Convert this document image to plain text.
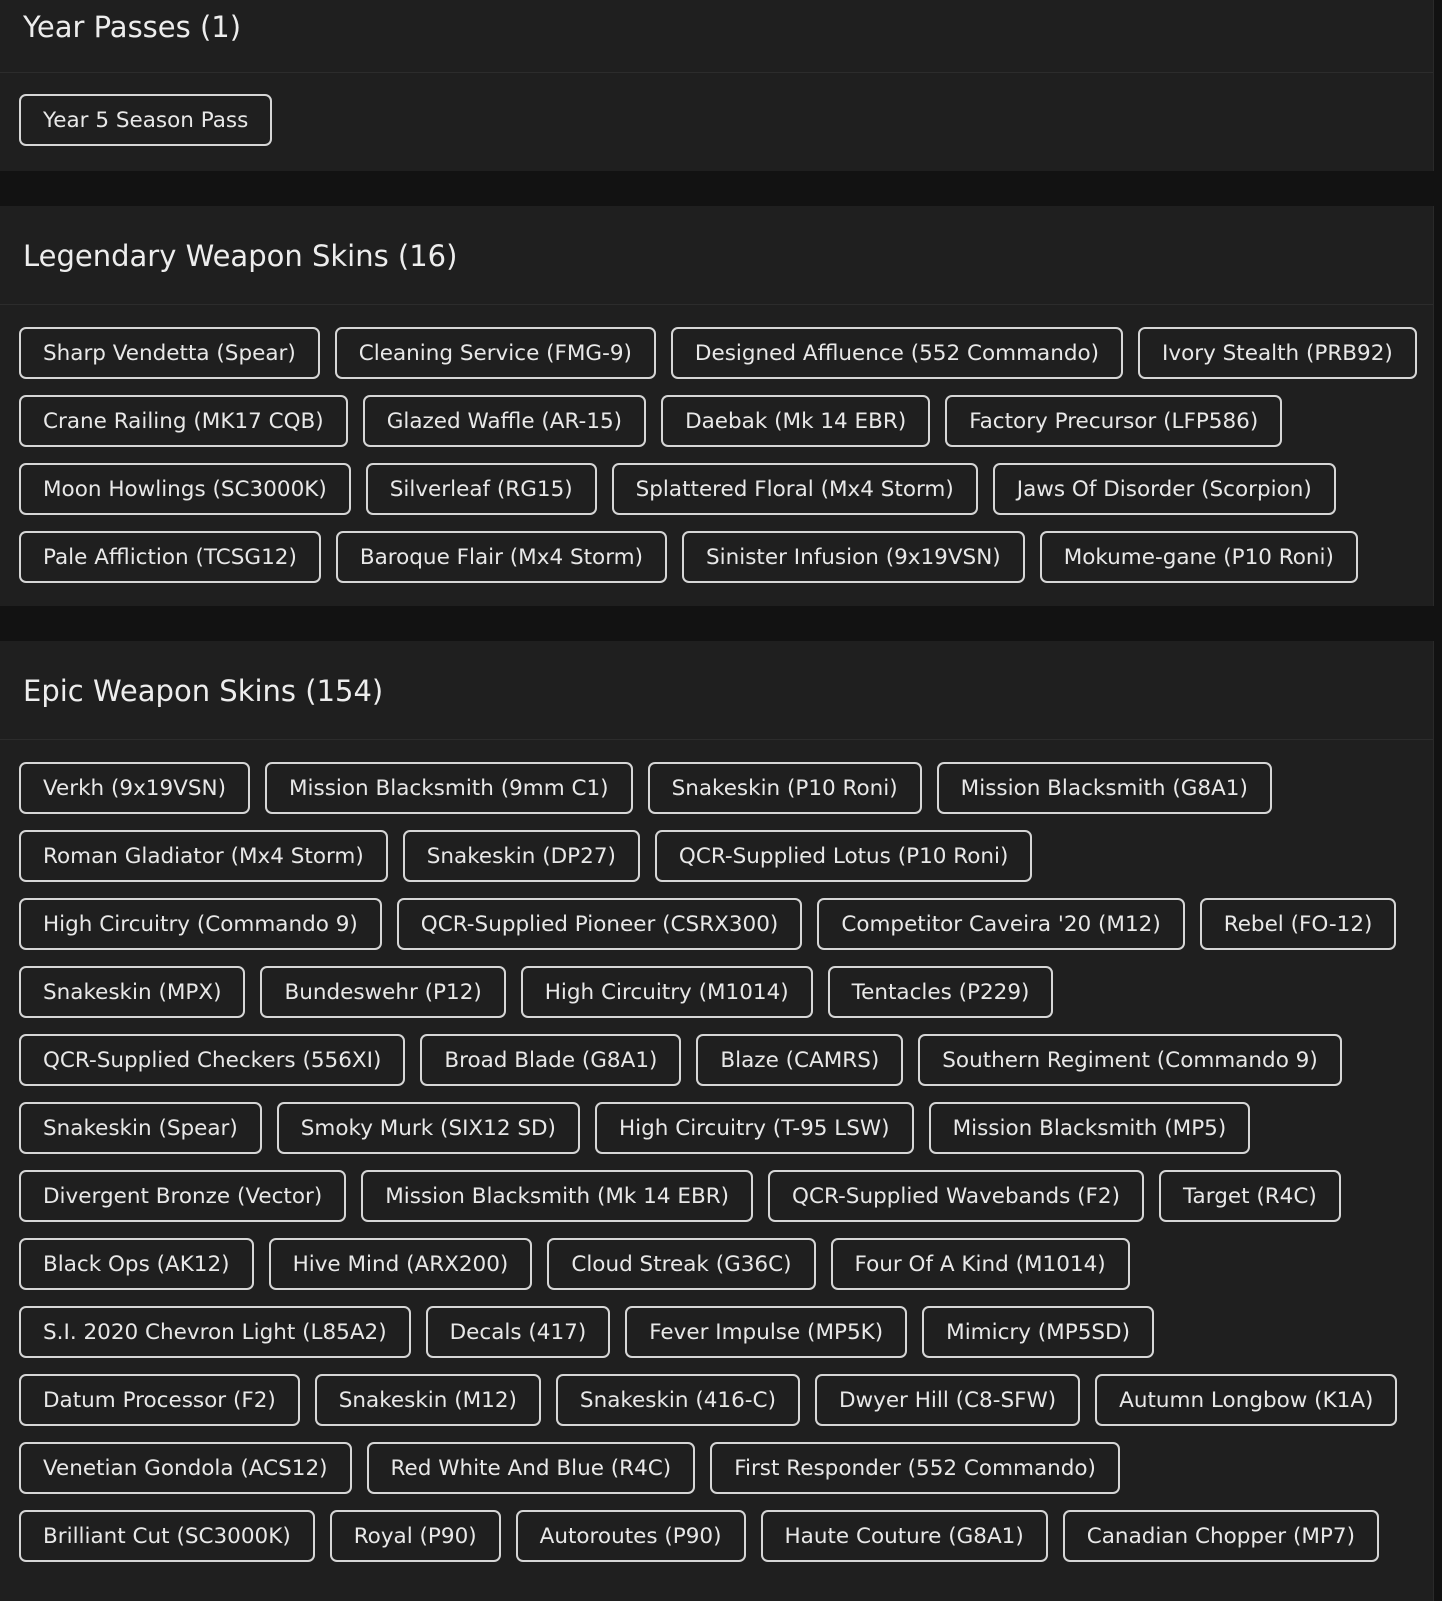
Year Passes (1)
Year 5 Season Pass
Legendary Weapon Skins (16)
Sharp Vendetta (Spear)	Cleaning Service (FMG-9)	Designed Affluence (552 Commando)	Ivory Stealth (PRB92)
Crane Railing (MK17 CQB)	Glazed Waffle (AR-15)	Daebak (Mk 14 EBR)	Factory Precursor (LFP586)
Moon Howlings (SC3000K)	Silverleaf (RG15)	Splattered Floral (Mx4 Storm)	Jaws Of Disorder (Scorpion)
Pale Affliction (TCSG12)	Baroque Flair (Mx4 Storm)	Sinister Infusion (9x19VSN)	Mokume-gane (P10 Roni)
Epic Weapon Skins (154)
Verkh (9x19VSN)	Mission Blacksmith (9mm C1)	Snakeskin (P10 Roni)	Mission Blacksmith (G8A1)
Roman Gladiator (Mx4 Storm)	Snakeskin (DP27)	QCR-Supplied Lotus (P10 Roni)
High Circuitry (Commando 9)	QCR-Supplied Pioneer (CSRX300)	Competitor Caveira '20 (M12)	Rebel (FO-12)
Snakeskin (MPX)	Bundeswehr (P12)	High Circuitry (M1014)	Tentacles (P229)
QCR-Supplied Checkers (556XI)	Broad Blade (G8A1)	Blaze (CAMRS)	Southern Regiment (Commando 9)
Snakeskin (Spear)	Smoky Murk (SIX12 SD)	High Circuitry (T-95 LSW)	Mission Blacksmith (MP5)
Divergent Bronze (Vector)	Mission Blacksmith (Mk 14 EBR)	QCR-Supplied Wavebands (F2)	Target (R4C)
Black Ops (AK12)	Hive Mind (ARX200)	Cloud Streak (G36C)	Four Of A Kind (M1014)
S.I. 2020 Chevron Light (L85A2)	Decals (417)	Fever Impulse (MP5K)	Mimicry (MP5SD)
Datum Processor (F2)	Snakeskin (M12)	Snakeskin (416-C)	Dwyer Hill (C8-SFW)	Autumn Longbow (K1A)
Venetian Gondola (ACS12)	Red White And Blue (R4C)	First Responder (552 Commando)
Brilliant Cut (SC3000K)	Royal (P90)	Autoroutes (P90)	Haute Couture (G8A1)	Canadian Chopper (MP7)
